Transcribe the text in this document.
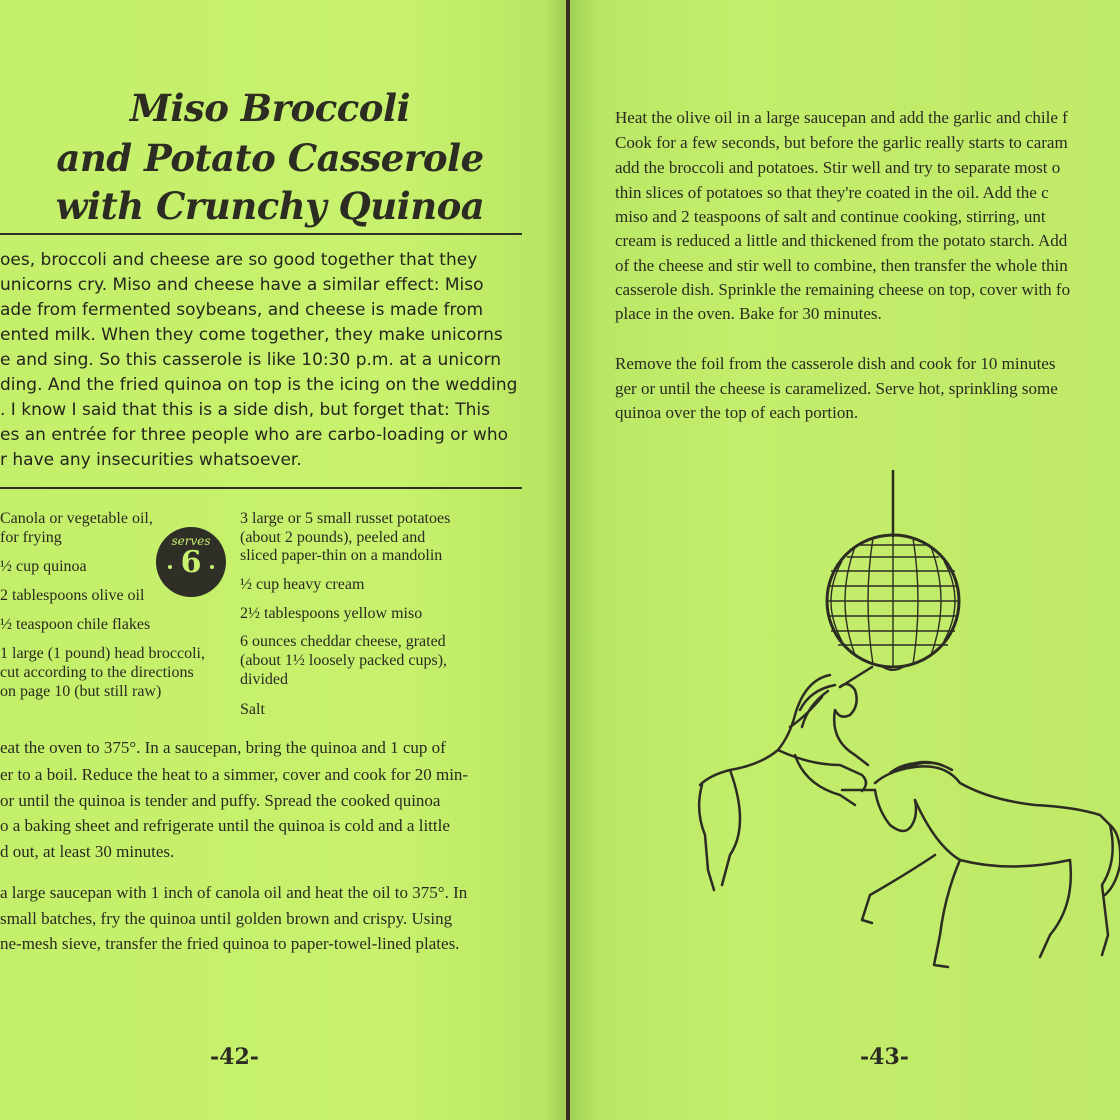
Miso Broccoli
and Potato Casserole
with Crunchy Quinoa
oes, broccoli and cheese are so good together that they
unicorns cry. Miso and cheese have a similar effect: Miso
ade from fermented soybeans, and cheese is made from
ented milk. When they come together, they make unicorns
e and sing. So this casserole is like 10:30 p.m. at a unicorn
ding. And the fried quinoa on top is the icing on the wedding
. I know I said that this is a side dish, but forget that: This
es an entrée for three people who are carbo-loading or who
r have any insecurities whatsoever.
Canola or vegetable oil,
for frying
½ cup quinoa
2 tablespoons olive oil
½ teaspoon chile flakes
1 large (1 pound) head broccoli,
cut according to the directions
on page 10 (but still raw)
serves
6
3 large or 5 small russet potatoes
(about 2 pounds), peeled and
sliced paper-thin on a mandolin
½ cup heavy cream
2½ tablespoons yellow miso
6 ounces cheddar cheese, grated
(about 1½ loosely packed cups),
divided
Salt
eat the oven to 375°. In a saucepan, bring the quinoa and 1 cup of
er to a boil. Reduce the heat to a simmer, cover and cook for 20 min-
or until the quinoa is tender and puffy. Spread the cooked quinoa
o a baking sheet and refrigerate until the quinoa is cold and a little
d out, at least 30 minutes.
a large saucepan with 1 inch of canola oil and heat the oil to 375°. In
small batches, fry the quinoa until golden brown and crispy. Using
ne-mesh sieve, transfer the fried quinoa to paper-towel-lined plates.
-42-
Heat the olive oil in a large saucepan and add the garlic and chile f
Cook for a few seconds, but before the garlic really starts to caram
add the broccoli and potatoes. Stir well and try to separate most o
thin slices of potatoes so that they're coated in the oil. Add the c
miso and 2 teaspoons of salt and continue cooking, stirring, unt
cream is reduced a little and thickened from the potato starch. Add
of the cheese and stir well to combine, then transfer the whole thin
casserole dish. Sprinkle the remaining cheese on top, cover with fo
place in the oven. Bake for 30 minutes.
Remove the foil from the casserole dish and cook for 10 minutes
ger or until the cheese is caramelized. Serve hot, sprinkling some
quinoa over the top of each portion.
-43-
